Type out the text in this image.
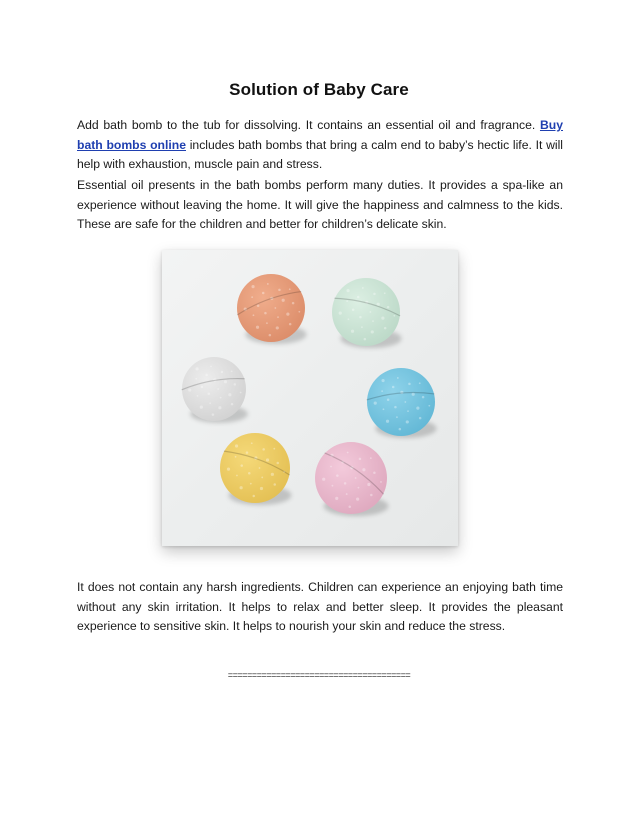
Solution of Baby Care
Add bath bomb to the tub for dissolving. It contains an essential oil and fragrance. Buy bath bombs online includes bath bombs that bring a calm end to baby’s hectic life. It will help with exhaustion, muscle pain and stress.
Essential oil presents in the bath bombs perform many duties. It provides a spa-like an experience without leaving the home. It will give the happiness and calmness to the kids. These are safe for the children and better for children’s delicate skin.
It does not contain any harsh ingredients. Children can experience an enjoying bath time without any skin irritation. It helps to relax and better sleep. It provides the pleasant experience to sensitive skin. It helps to nourish your skin and reduce the stress.
======================================
